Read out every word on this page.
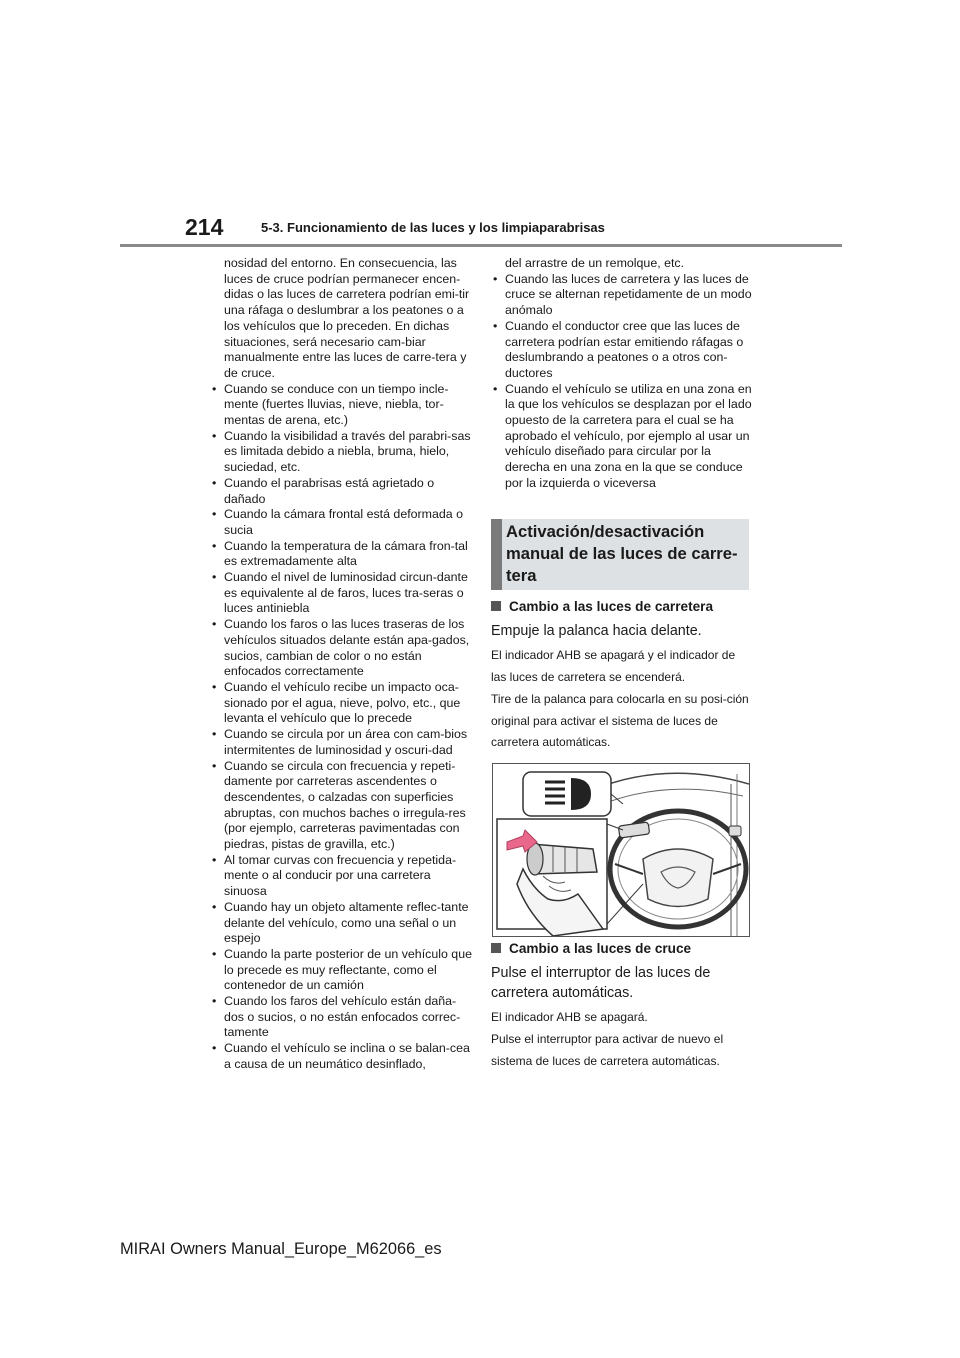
214	5-3. Funcionamiento de las luces y los limpiaparabrisas

nosidad del entorno. En consecuencia, las luces de cruce podrían permanecer encen-didas o las luces de carretera podrían emi-tir una ráfaga o deslumbrar a los peatones o a los vehículos que lo preceden. En dichas situaciones, será necesario cam-biar manualmente entre las luces de carre-tera y de cruce.

• Cuando se conduce con un tiempo incle-mente (fuertes lluvias, nieve, niebla, tor-mentas de arena, etc.)
• Cuando la visibilidad a través del parabri-sas es limitada debido a niebla, bruma, hielo, suciedad, etc.
• Cuando el parabrisas está agrietado o dañado
• Cuando la cámara frontal está deformada o sucia
• Cuando la temperatura de la cámara fron-tal es extremadamente alta
• Cuando el nivel de luminosidad circun-dante es equivalente al de faros, luces tra-seras o luces antiniebla
• Cuando los faros o las luces traseras de los vehículos situados delante están apa-gados, sucios, cambian de color o no están enfocados correctamente
• Cuando el vehículo recibe un impacto oca-sionado por el agua, nieve, polvo, etc., que levanta el vehículo que lo precede
• Cuando se circula por un área con cam-bios intermitentes de luminosidad y oscuri-dad
• Cuando se circula con frecuencia y repeti-damente por carreteras ascendentes o descendentes, o calzadas con superficies abruptas, con muchos baches o irregula-res (por ejemplo, carreteras pavimentadas con piedras, pistas de gravilla, etc.)
• Al tomar curvas con frecuencia y repetida-mente o al conducir por una carretera sinuosa
• Cuando hay un objeto altamente reflec-tante delante del vehículo, como una señal o un espejo
• Cuando la parte posterior de un vehículo que lo precede es muy reflectante, como el contenedor de un camión
• Cuando los faros del vehículo están daña-dos o sucios, o no están enfocados correc-tamente
• Cuando el vehículo se inclina o se balan-cea a causa de un neumático desinflado,

del arrastre de un remolque, etc.

• Cuando las luces de carretera y las luces de cruce se alternan repetidamente de un modo anómalo
• Cuando el conductor cree que las luces de carretera podrían estar emitiendo ráfagas o deslumbrando a peatones o a otros con-ductores
• Cuando el vehículo se utiliza en una zona en la que los vehículos se desplazan por el lado opuesto de la carretera para el cual se ha aprobado el vehículo, por ejemplo al usar un vehículo diseñado para circular por la derecha en una zona en la que se conduce por la izquierda o viceversa
Activación/desactivación manual de las luces de carre-tera
Cambio a las luces de carretera
Empuje la palanca hacia delante.
El indicador AHB se apagará y el indicador de las luces de carretera se encenderá.
Tire de la palanca para colocarla en su posi-ción original para activar el sistema de luces de carretera automáticas.
Cambio a las luces de cruce
Pulse el interruptor de las luces de carretera automáticas.
El indicador AHB se apagará.
Pulse el interruptor para activar de nuevo el sistema de luces de carretera automáticas.
MIRAI Owners Manual_Europe_M62066_es
